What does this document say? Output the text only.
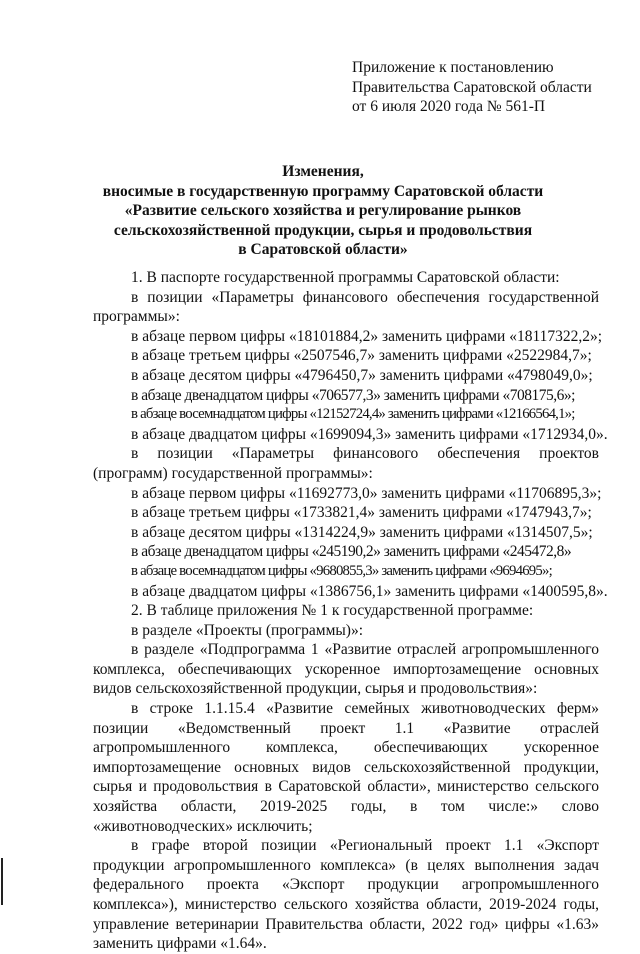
Приложение к постановлению
Правительства Саратовской области
от 6 июля 2020 года № 561-П
Изменения,
вносимые в государственную программу Саратовской области
«Развитие сельского хозяйства и регулирование рынков
сельскохозяйственной продукции, сырья и продовольствия
в Саратовской области»

1. В паспорте государственной программы Саратовской области:

в позиции «Параметры финансового обеспечения государственной программы»:

в абзаце первом цифры «18101884,2» заменить цифрами «18117322,2»;

в абзаце третьем цифры «2507546,7» заменить цифрами «2522984,7»;

в абзаце десятом цифры «4796450,7» заменить цифрами «4798049,0»;

в абзаце двенадцатом цифры «706577,3» заменить цифрами «708175,6»;

в абзаце восемнадцатом цифры «12152724,4» заменить цифрами «12166564,1»;

в абзаце двадцатом цифры «1699094,3» заменить цифрами «1712934,0».

в позиции «Параметры финансового обеспечения проектов (программ) государственной программы»:

в абзаце первом цифры «11692773,0» заменить цифрами «11706895,3»;

в абзаце третьем цифры «1733821,4» заменить цифрами «1747943,7»;

в абзаце десятом цифры «1314224,9» заменить цифрами «1314507,5»;

в абзаце двенадцатом цифры «245190,2» заменить цифрами «245472,8»

в абзаце восемнадцатом цифры «9680855,3» заменить цифрами «9694695»;

в абзаце двадцатом цифры «1386756,1» заменить цифрами «1400595,8».

2. В таблице приложения № 1 к государственной программе:

в разделе «Проекты (программы)»:

в разделе «Подпрограмма 1 «Развитие отраслей агропромышленного комплекса, обеспечивающих ускоренное импортозамещение основных видов сельскохозяйственной продукции, сырья и продовольствия»:

в строке 1.1.15.4 «Развитие семейных животноводческих ферм» позиции «Ведомственный проект 1.1 «Развитие отраслей агропромышленного комплекса, обеспечивающих ускоренное импортозамещение основных видов сельскохозяйственной продукции, сырья и продовольствия в Саратовской области», министерство сельского хозяйства области, 2019-2025 годы, в том числе:» слово «животноводческих» исключить;

в графе второй позиции «Региональный проект 1.1 «Экспорт продукции агропромышленного комплекса» (в целях выполнения задач федерального проекта «Экспорт продукции агропромышленного комплекса»), министерство сельского хозяйства области, 2019-2024 годы, управление ветеринарии Правительства области, 2022 год» цифры «1.63» заменить цифрами «1.64».
